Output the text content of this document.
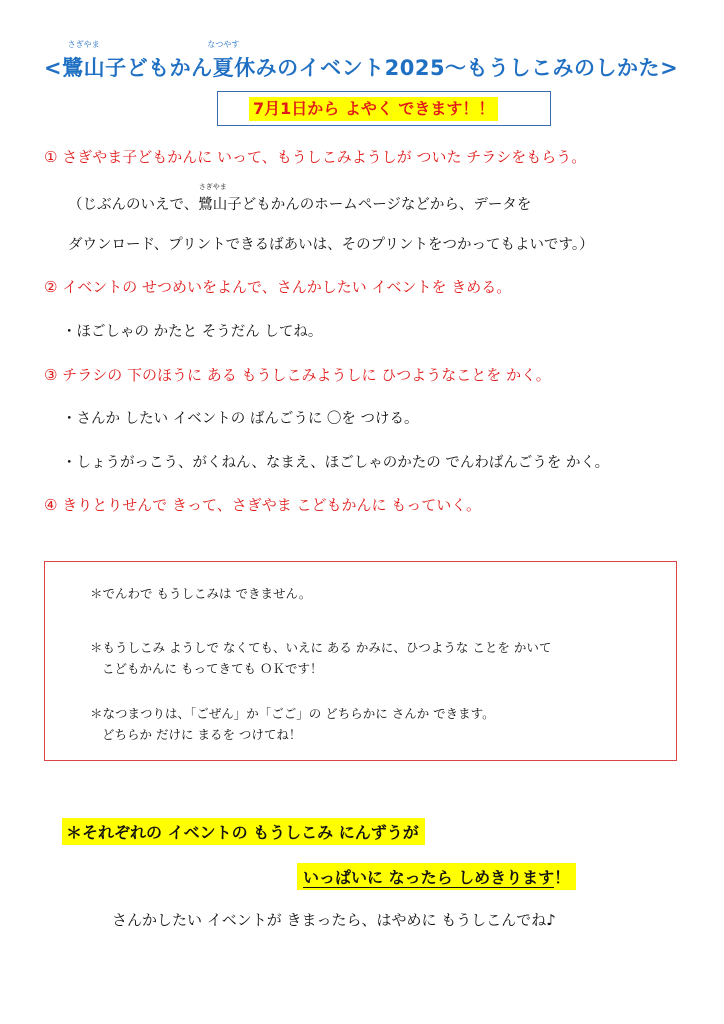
<鷺山
さぎやま
子どもかん夏
なつやす
休みのイベント2025〜もうしこみのしかた>
7月1日から よやく できます！！
① さぎやま子どもかんに いって、もうしこみようしが ついた チラシをもらう。
（じぶんのいえで、鷺山
さぎやま
子どもかんのホームページなどから、データを
ダウンロード、プリントできるばあいは、そのプリントをつかってもよいです。）
② イベントの せつめいをよんで、さんかしたい イベントを きめる。
・ほごしゃの かたと そうだん してね。
③ チラシの 下のほうに ある もうしこみようしに ひつようなことを かく。
・さんか したい イベントの ばんごうに 〇を つける。
・しょうがっこう、がくねん、なまえ、ほごしゃのかたの でんわばんごうを かく。
④ きりとりせんで きって、さぎやま こどもかんに もっていく。
＊でんわで もうしこみは できません。
＊もうしこみ ようしで なくても、いえに ある かみに、ひつような ことを かいて
こどもかんに もってきても ＯＫです！
＊なつまつりは、「ごぜん」か「ごご」の どちらかに さんか できます。
どちらか だけに まるを つけてね！
＊それぞれの イベントの もうしこみ にんずうが
いっぱいに なったら しめきります！
さんかしたい イベントが きまったら、はやめに もうしこんでね♪
